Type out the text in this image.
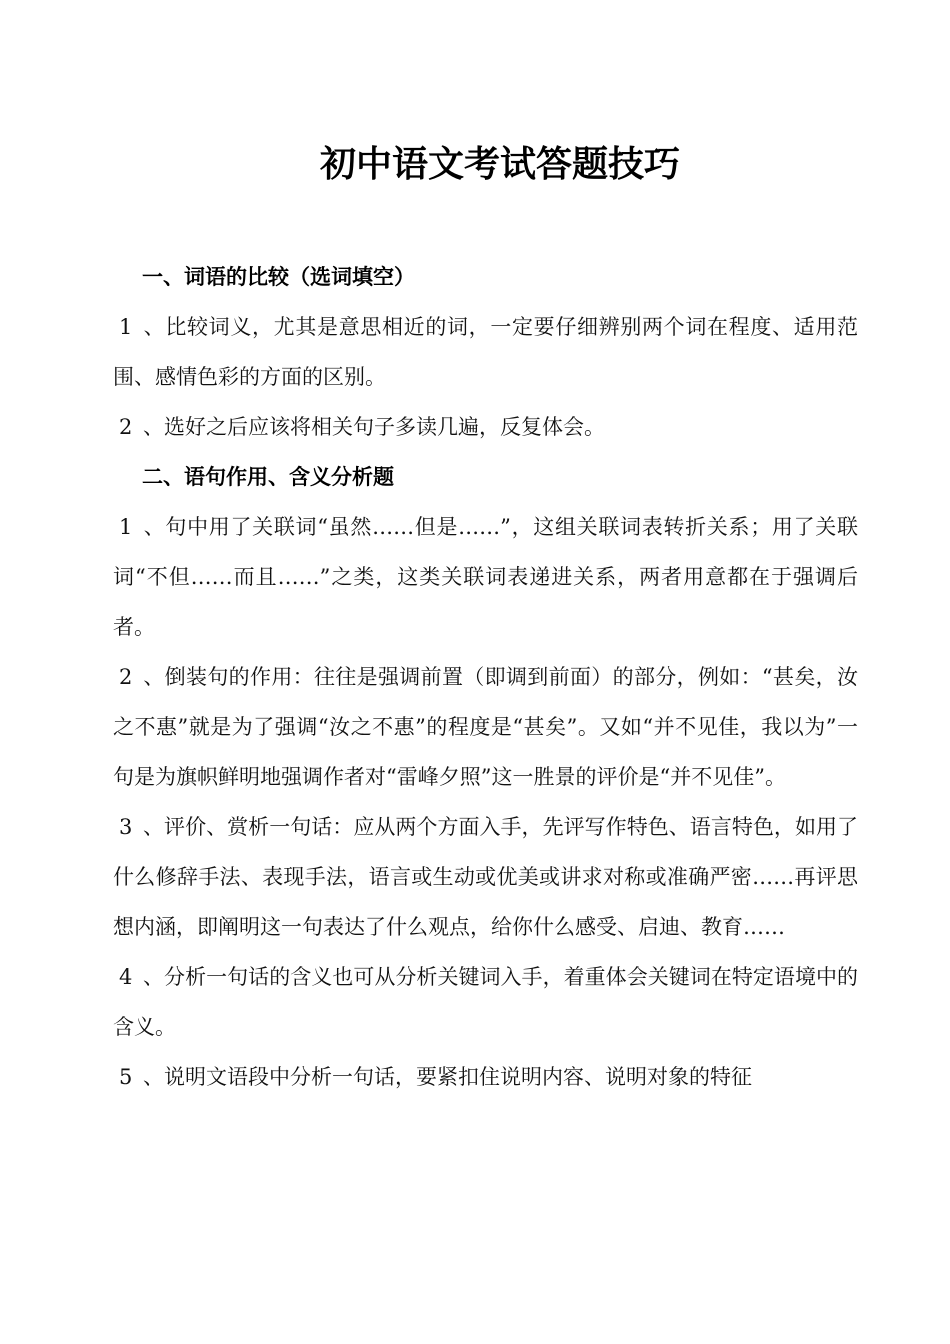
初中语文考试答题技巧
一、词语的比较（选词填空）
1 、比较词义，尤其是意思相近的词，一定要仔细辨别两个词在程度、适用范围、感情色彩的方面的区别。
2 、选好之后应该将相关句子多读几遍，反复体会。
二、语句作用、含义分析题
1 、句中用了关联词“虽然……但是……”，这组关联词表转折关系；用了关联词“不但……而且……”之类，这类关联词表递进关系，两者用意都在于强调后者。
2 、倒装句的作用：往往是强调前置（即调到前面）的部分，例如：“甚矣，汝之不惠”就是为了强调“汝之不惠”的程度是“甚矣”。又如“并不见佳，我以为”一句是为旗帜鲜明地强调作者对“雷峰夕照”这一胜景的评价是“并不见佳”。
3 、评价、赏析一句话：应从两个方面入手，先评写作特色、语言特色，如用了什么修辞手法、表现手法，语言或生动或优美或讲求对称或准确严密……再评思想内涵，即阐明这一句表达了什么观点，给你什么感受、启迪、教育……
4 、分析一句话的含义也可从分析关键词入手，着重体会关键词在特定语境中的含义。
5 、说明文语段中分析一句话，要紧扣住说明内容、说明对象的特征
